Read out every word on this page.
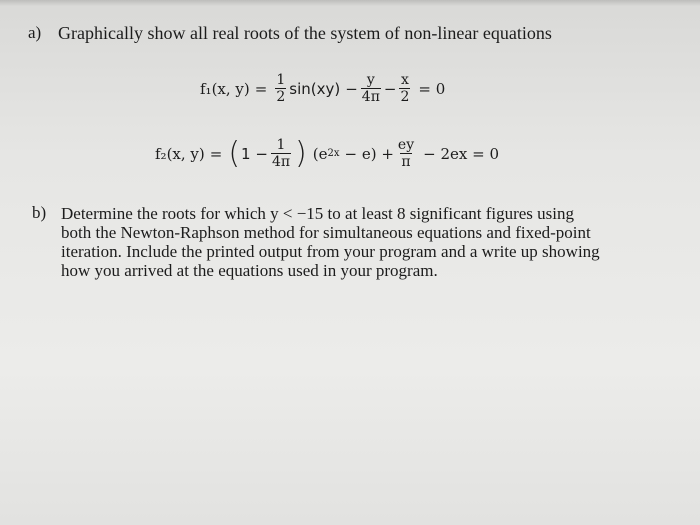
a) Graphically show all real roots of the system of non-linear equations
f₁(x, $y) = \frac{1}{2} \sin(xy) - \frac{y}{4\pi} - \frac{x}{2} = 0$
f₂(x, y) = ( $1 - \frac{1}{4\pi}$ ) (e $2x - e) + \frac{ey}{\pi} - 2ex = 0$
b) Determine the roots for which y < −15 to at least 8 significant figures using
both the Newton-Raphson method for simultaneous equations and fixed-point
iteration. Include the printed output from your program and a write up showing
how you arrived at the equations used in your program.
